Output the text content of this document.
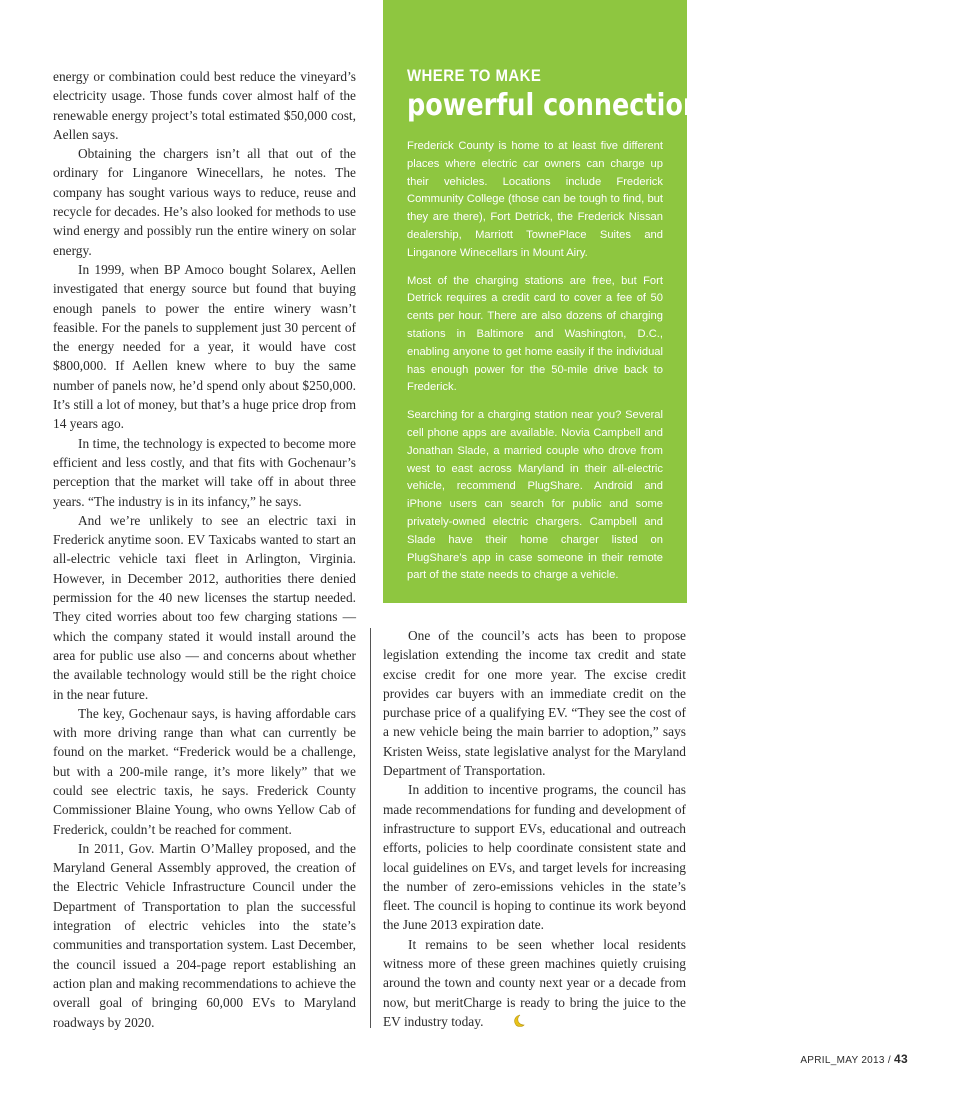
energy or combination could best reduce the vineyard’s electricity usage. Those funds cover almost half of the renewable energy project’s total estimated $50,000 cost, Aellen says.

Obtaining the chargers isn’t all that out of the ordinary for Linganore Winecellars, he notes. The company has sought various ways to reduce, reuse and recycle for decades. He’s also looked for methods to use wind energy and possibly run the entire winery on solar energy.

In 1999, when BP Amoco bought Solarex, Aellen investigated that energy source but found that buying enough panels to power the entire winery wasn’t feasible. For the panels to supplement just 30 percent of the energy needed for a year, it would have cost $800,000. If Aellen knew where to buy the same number of panels now, he’d spend only about $250,000. It’s still a lot of money, but that’s a huge price drop from 14 years ago.

In time, the technology is expected to become more efficient and less costly, and that fits with Gochenaur’s perception that the market will take off in about three years. “The industry is in its infancy,” he says.

And we’re unlikely to see an electric taxi in Frederick anytime soon. EV Taxicabs wanted to start an all-electric vehicle taxi fleet in Arlington, Virginia. However, in December 2012, authorities there denied permission for the 40 new licenses the startup needed. They cited worries about too few charging stations — which the company stated it would install around the area for public use also — and concerns about whether the available technology would still be the right choice in the near future.

The key, Gochenaur says, is having affordable cars with more driving range than what can currently be found on the market. “Frederick would be a challenge, but with a 200-mile range, it’s more likely” that we could see electric taxis, he says. Frederick County Commissioner Blaine Young, who owns Yellow Cab of Frederick, couldn’t be reached for comment.

In 2011, Gov. Martin O’Malley proposed, and the Maryland General Assembly approved, the creation of the Electric Vehicle Infrastructure Council under the Department of Transportation to plan the successful integration of electric vehicles into the state’s communities and transportation system. Last December, the council issued a 204-page report establishing an action plan and making recommendations to achieve the overall goal of bringing 60,000 EVs to Maryland roadways by 2020.

WHERE TO MAKE
powerful connections

Frederick County is home to at least five different places where electric car owners can charge up their vehicles. Locations include Frederick Community College (those can be tough to find, but they are there), Fort Detrick, the Frederick Nissan dealership, Marriott TownePlace Suites and Linganore Winecellars in Mount Airy.

Most of the charging stations are free, but Fort Detrick requires a credit card to cover a fee of 50 cents per hour. There are also dozens of charging stations in Baltimore and Washington, D.C., enabling anyone to get home easily if the individual has enough power for the 50-mile drive back to Frederick.

Searching for a charging station near you? Several cell phone apps are available. Novia Campbell and Jonathan Slade, a married couple who drove from west to east across Maryland in their all-electric vehicle, recommend PlugShare. Android and iPhone users can search for public and some privately-owned electric chargers. Campbell and Slade have their home charger listed on PlugShare’s app in case someone in their remote part of the state needs to charge a vehicle.

One of the council’s acts has been to propose legislation extending the income tax credit and state excise credit for one more year. The excise credit provides car buyers with an immediate credit on the purchase price of a qualifying EV. “They see the cost of a new vehicle being the main barrier to adoption,” says Kristen Weiss, state legislative analyst for the Maryland Department of Transportation.

In addition to incentive programs, the council has made recommendations for funding and development of infrastructure to support EVs, educational and outreach efforts, policies to help coordinate consistent state and local guidelines on EVs, and target levels for increasing the number of zero-emissions vehicles in the state’s fleet. The council is hoping to continue its work beyond the June 2013 expiration date.

It remains to be seen whether local residents witness more of these green machines quietly cruising around the town and county next year or a decade from now, but meritCharge is ready to bring the juice to the EV industry today.

APRIL_MAY 2013 / 43
